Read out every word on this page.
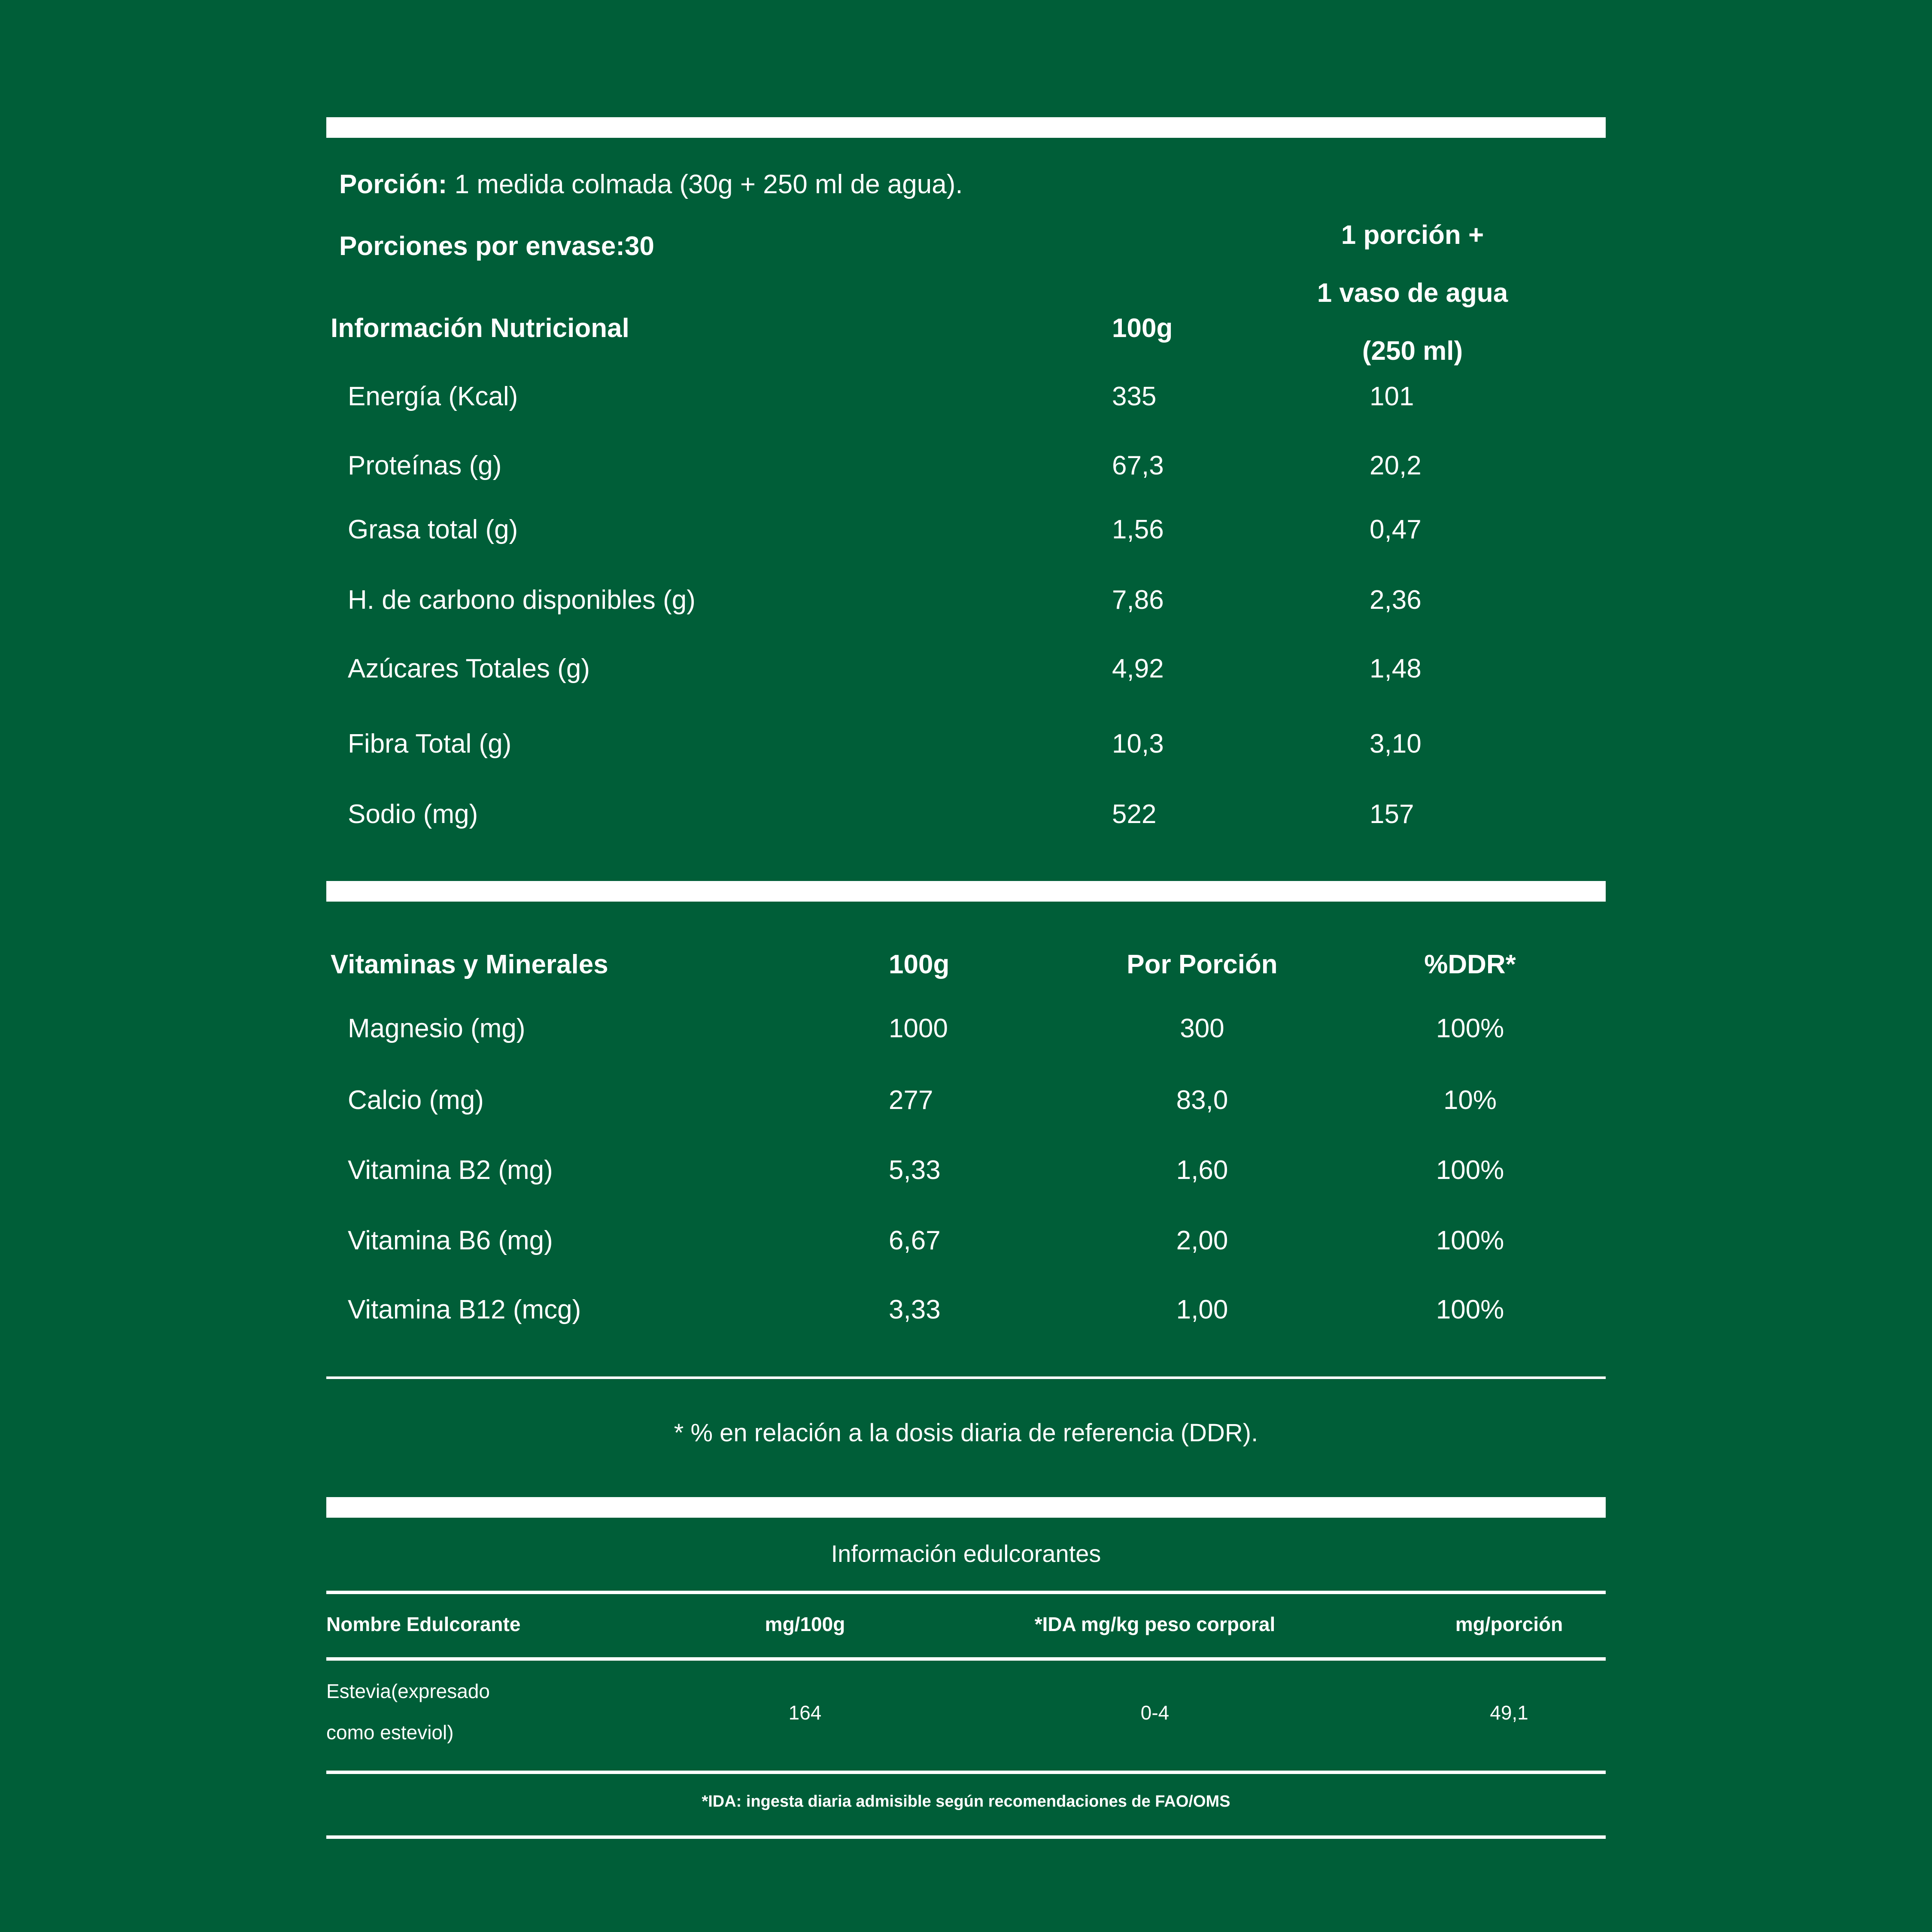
Porción: 1 medida colmada (30g + 250 ml de agua).
Porciones por envase:30
Información Nutricional	100g
1 porción +
1 vaso de agua
(250 ml)
Energía (Kcal)	335	101
Proteínas (g)	67,3	20,2
Grasa total (g)	1,56	0,47
H. de carbono disponibles (g)	7,86	2,36
Azúcares Totales (g)	4,92	1,48
Fibra Total (g)	10,3	3,10
Sodio (mg)	522	157
Vitaminas y Minerales	100g	Por Porción	%DDR*
Magnesio (mg)	1000	300	100%
Calcio (mg)	277	83,0	10%
Vitamina B2 (mg)	5,33	1,60	100%
Vitamina B6 (mg)	6,67	2,00	100%
Vitamina B12 (mcg)	3,33	1,00	100%
* % en relación a la dosis diaria de referencia (DDR).
Información edulcorantes
Nombre Edulcorante	mg/100g	*IDA mg/kg peso corporal	mg/porción
Estevia(expresado
como esteviol)
164	0-4	49,1
*IDA: ingesta diaria admisible según recomendaciones de FAO/OMS
